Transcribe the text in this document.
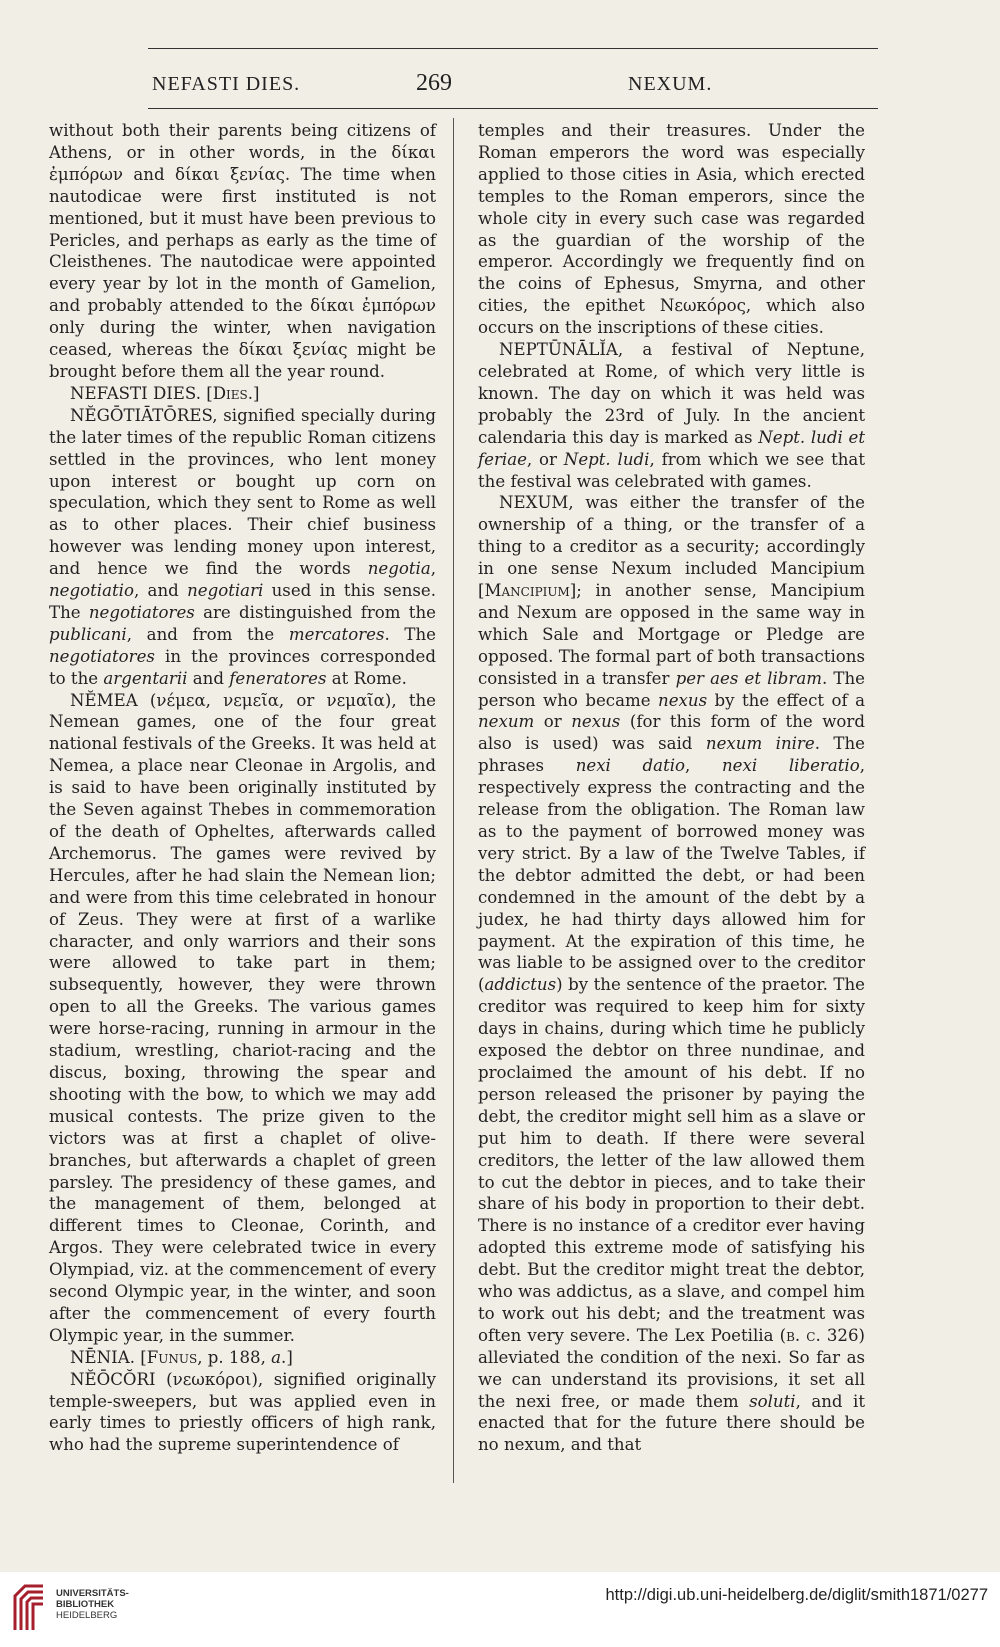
NEFASTI DIES.	269	NEXUM.

without both their parents being citizens of Athens, or in other words, in the δίκαι ἐμπόρων and δίκαι ξενίας. The time when nautodicae were first instituted is not mentioned, but it must have been previous to Pericles, and perhaps as early as the time of Cleisthenes. The nautodicae were appointed every year by lot in the month of Gamelion, and probably attended to the δίκαι ἐμπόρων only during the winter, when navigation ceased, whereas the δίκαι ξενίας might be brought before them all the year round.

NEFASTI DIES. [Dies.]

NĔGŌTIĀTŌRES, signified specially during the later times of the republic Roman citizens settled in the provinces, who lent money upon interest or bought up corn on speculation, which they sent to Rome as well as to other places. Their chief business however was lending money upon interest, and hence we find the words negotia, negotiatio, and negotiari used in this sense. The negotiatores are distinguished from the publicani, and from the mercatores. The negotiatores in the provinces corresponded to the argentarii and feneratores at Rome.

NĔMEA (νέμεα, νεμεῖα, or νεμαῖα), the Nemean games, one of the four great national festivals of the Greeks. It was held at Nemea, a place near Cleonae in Argolis, and is said to have been originally instituted by the Seven against Thebes in commemoration of the death of Opheltes, afterwards called Archemorus. The games were revived by Hercules, after he had slain the Nemean lion; and were from this time celebrated in honour of Zeus. They were at first of a warlike character, and only warriors and their sons were allowed to take part in them; subsequently, however, they were thrown open to all the Greeks. The various games were horse-racing, running in armour in the stadium, wrestling, chariot-racing and the discus, boxing, throwing the spear and shooting with the bow, to which we may add musical contests. The prize given to the victors was at first a chaplet of olive-branches, but afterwards a chaplet of green parsley. The presidency of these games, and the management of them, belonged at different times to Cleonae, Corinth, and Argos. They were celebrated twice in every Olympiad, viz. at the commencement of every second Olympic year, in the winter, and soon after the commencement of every fourth Olympic year, in the summer.

NĒNIA. [Funus, p. 188, a.]

NĔŌCŎRI (νεωκόροι), signified originally temple-sweepers, but was applied even in early times to priestly officers of high rank, who had the supreme superintendence of

temples and their treasures. Under the Roman emperors the word was especially applied to those cities in Asia, which erected temples to the Roman emperors, since the whole city in every such case was regarded as the guardian of the worship of the emperor. Accordingly we frequently find on the coins of Ephesus, Smyrna, and other cities, the epithet Νεωκόρος, which also occurs on the inscriptions of these cities.

NEPTŪNĀLĬA, a festival of Neptune, celebrated at Rome, of which very little is known. The day on which it was held was probably the 23rd of July. In the ancient calendaria this day is marked as Nept. ludi et feriae, or Nept. ludi, from which we see that the festival was celebrated with games.

NEXUM, was either the transfer of the ownership of a thing, or the transfer of a thing to a creditor as a security; accordingly in one sense Nexum included Mancipium [Mancipium]; in another sense, Mancipium and Nexum are opposed in the same way in which Sale and Mortgage or Pledge are opposed. The formal part of both transactions consisted in a transfer per aes et libram. The person who became nexus by the effect of a nexum or nexus (for this form of the word also is used) was said nexum inire. The phrases nexi datio, nexi liberatio, respectively express the contracting and the release from the obligation. The Roman law as to the payment of borrowed money was very strict. By a law of the Twelve Tables, if the debtor admitted the debt, or had been condemned in the amount of the debt by a judex, he had thirty days allowed him for payment. At the expiration of this time, he was liable to be assigned over to the creditor (addictus) by the sentence of the praetor. The creditor was required to keep him for sixty days in chains, during which time he publicly exposed the debtor on three nundinae, and proclaimed the amount of his debt. If no person released the prisoner by paying the debt, the creditor might sell him as a slave or put him to death. If there were several creditors, the letter of the law allowed them to cut the debtor in pieces, and to take their share of his body in proportion to their debt. There is no instance of a creditor ever having adopted this extreme mode of satisfying his debt. But the creditor might treat the debtor, who was addictus, as a slave, and compel him to work out his debt; and the treatment was often very severe. The Lex Poetilia (b. c. 326) alleviated the condition of the nexi. So far as we can understand its provisions, it set all the nexi free, or made them soluti, and it enacted that for the future there should be no nexum, and that

UNIVERSITÄTS-
BIBLIOTHEK
HEIDELBERG
http://digi.ub.uni-heidelberg.de/diglit/smith1871/0277
